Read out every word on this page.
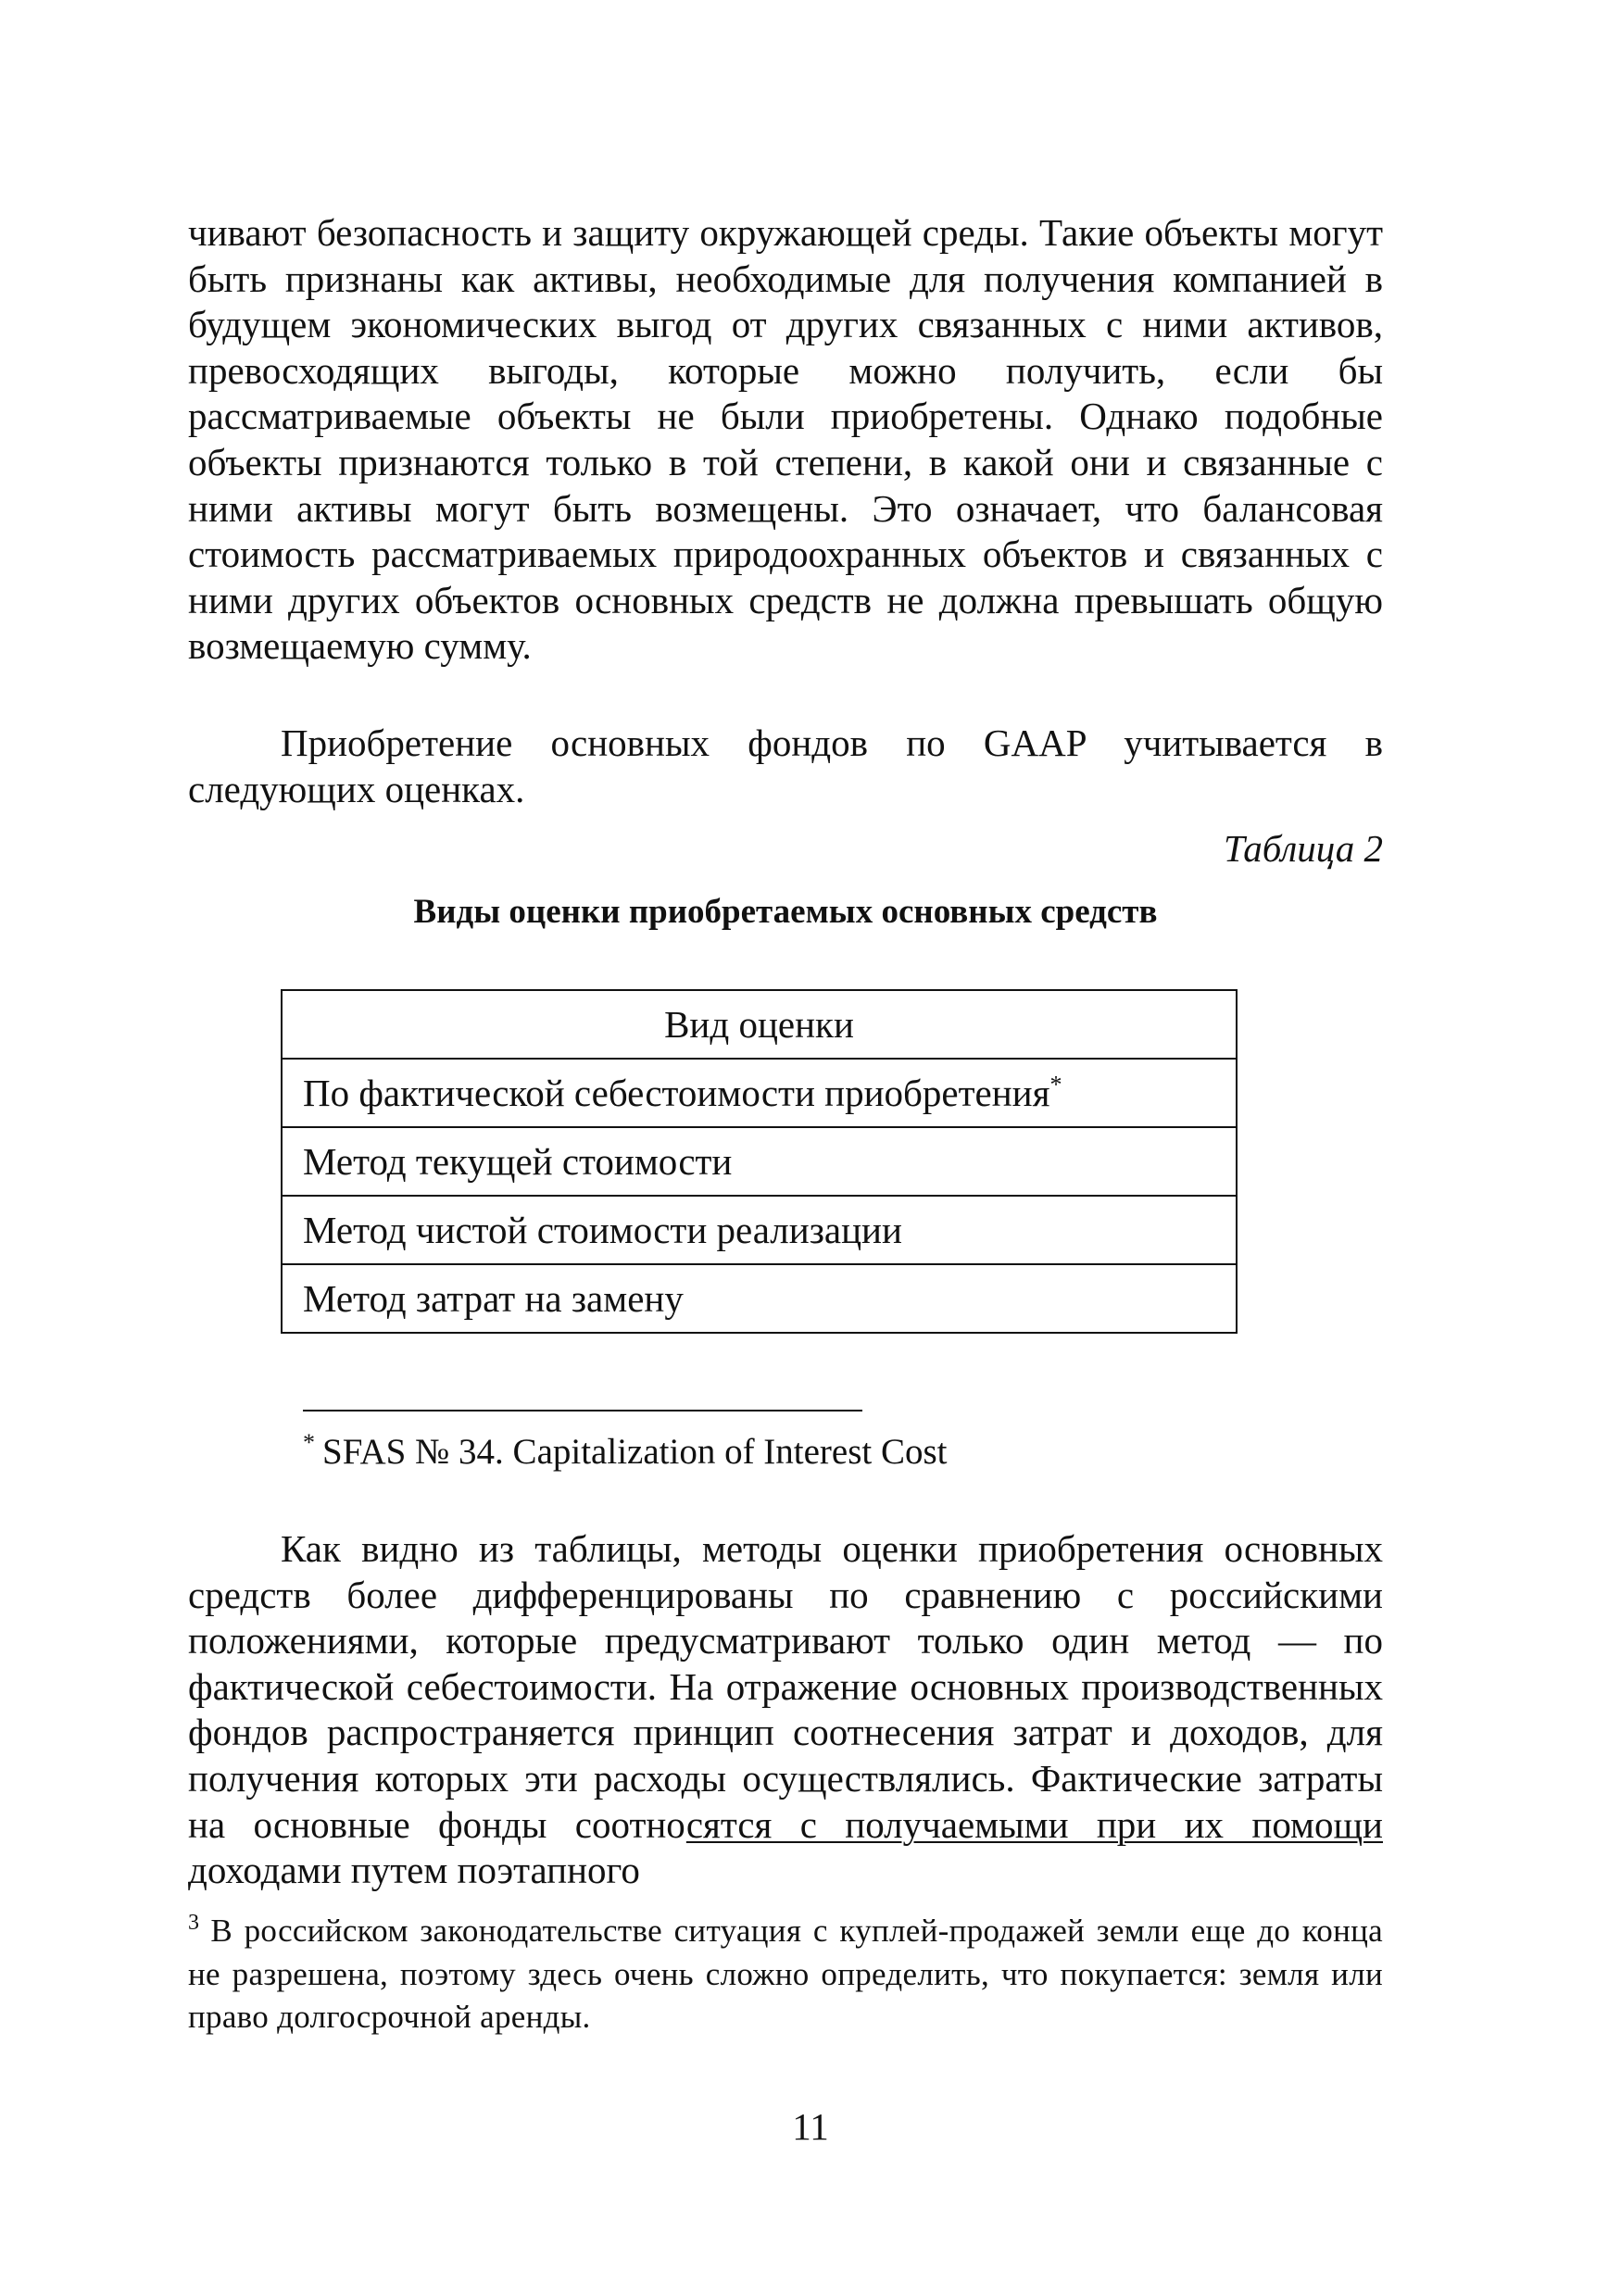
чивают безопасность и защиту окружающей среды. Такие объекты могут быть признаны как активы, необходимые для получения компанией в будущем экономических выгод от других связанных с ними активов, превосходящих выгоды, которые можно получить, если бы рассматриваемые объекты не были приобретены. Однако подобные объекты признаются только в той степени, в какой они и связанные с ними активы могут быть возмещены. Это означает, что балансовая стоимость рассматриваемых природоохранных объектов и связанных с ними других объектов основных средств не должна превышать общую возмещаемую сумму.

Приобретение основных фондов по GAAP учитывается в следующих оценках.

Таблица 2

Виды оценки приобретаемых основных средств

Вид оценки
По фактической себестоимости приобретения*
Метод текущей стоимости
Метод чистой стоимости реализации
Метод затрат на замену

* SFAS № 34. Capitalization of Interest Cost

Как видно из таблицы, методы оценки приобретения основных средств более дифференцированы по сравнению с российскими положениями, которые предусматривают только один метод — по фактической себестоимости. На отражение основных производственных фондов распространяется принцип соотнесения затрат и доходов, для получения которых эти расходы осуществлялись. Фактические затраты на основные фонды соотносятся с получаемыми при их помощи доходами путем поэтапного

$^3$ В российском законодательстве ситуация с куплей-продажей земли еще до конца не разрешена, поэтому здесь очень сложно определить, что покупается: земля или право долгосрочной аренды.

11
